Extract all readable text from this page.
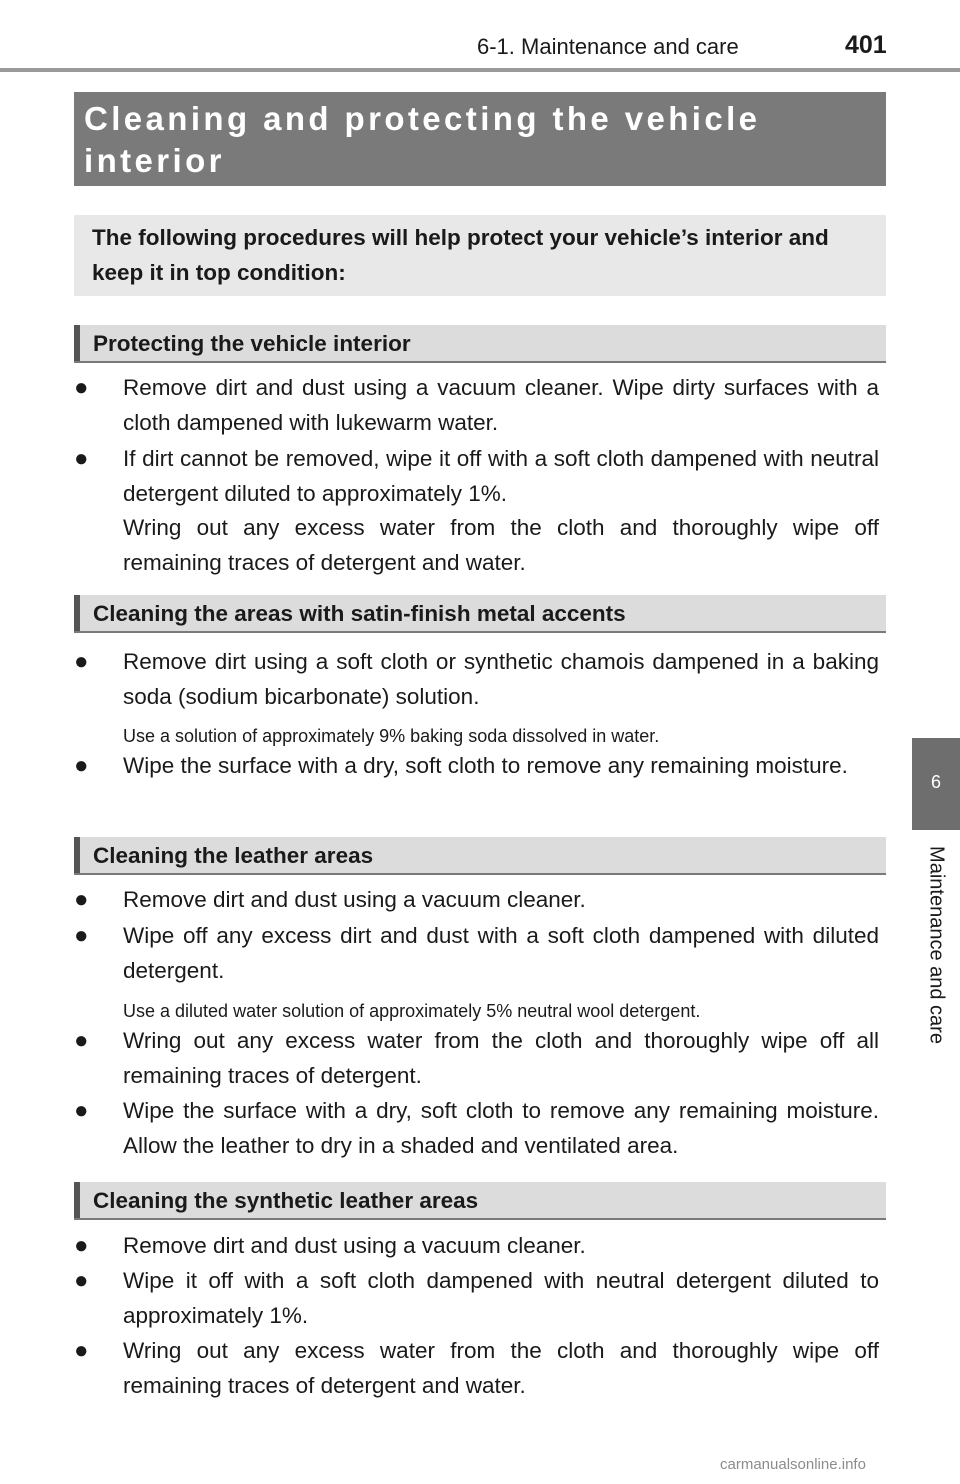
6-1. Maintenance and care	401
6
Maintenance and care
Cleaning and protecting the vehicle interior
The following procedures will help protect your vehicle’s interior and keep it in top condition:
Protecting the vehicle interior
● Remove dirt and dust using a vacuum cleaner. Wipe dirty surfaces with a cloth dampened with lukewarm water.
● If dirt cannot be removed, wipe it off with a soft cloth dampened with neutral detergent diluted to approximately 1%.
Wring out any excess water from the cloth and thoroughly wipe off remaining traces of detergent and water.
Cleaning the areas with satin-finish metal accents
● Remove dirt using a soft cloth or synthetic chamois dampened in a baking soda (sodium bicarbonate) solution.
Use a solution of approximately 9% baking soda dissolved in water.
● Wipe the surface with a dry, soft cloth to remove any remaining moisture.
Cleaning the leather areas
● Remove dirt and dust using a vacuum cleaner.
● Wipe off any excess dirt and dust with a soft cloth dampened with diluted detergent.
Use a diluted water solution of approximately 5% neutral wool detergent.
● Wring out any excess water from the cloth and thoroughly wipe off all remaining traces of detergent.
● Wipe the surface with a dry, soft cloth to remove any remaining moisture. Allow the leather to dry in a shaded and ventilated area.
Cleaning the synthetic leather areas
● Remove dirt and dust using a vacuum cleaner.
● Wipe it off with a soft cloth dampened with neutral detergent diluted to approximately 1%.
● Wring out any excess water from the cloth and thoroughly wipe off remaining traces of detergent and water.
carmanualsonline.info
